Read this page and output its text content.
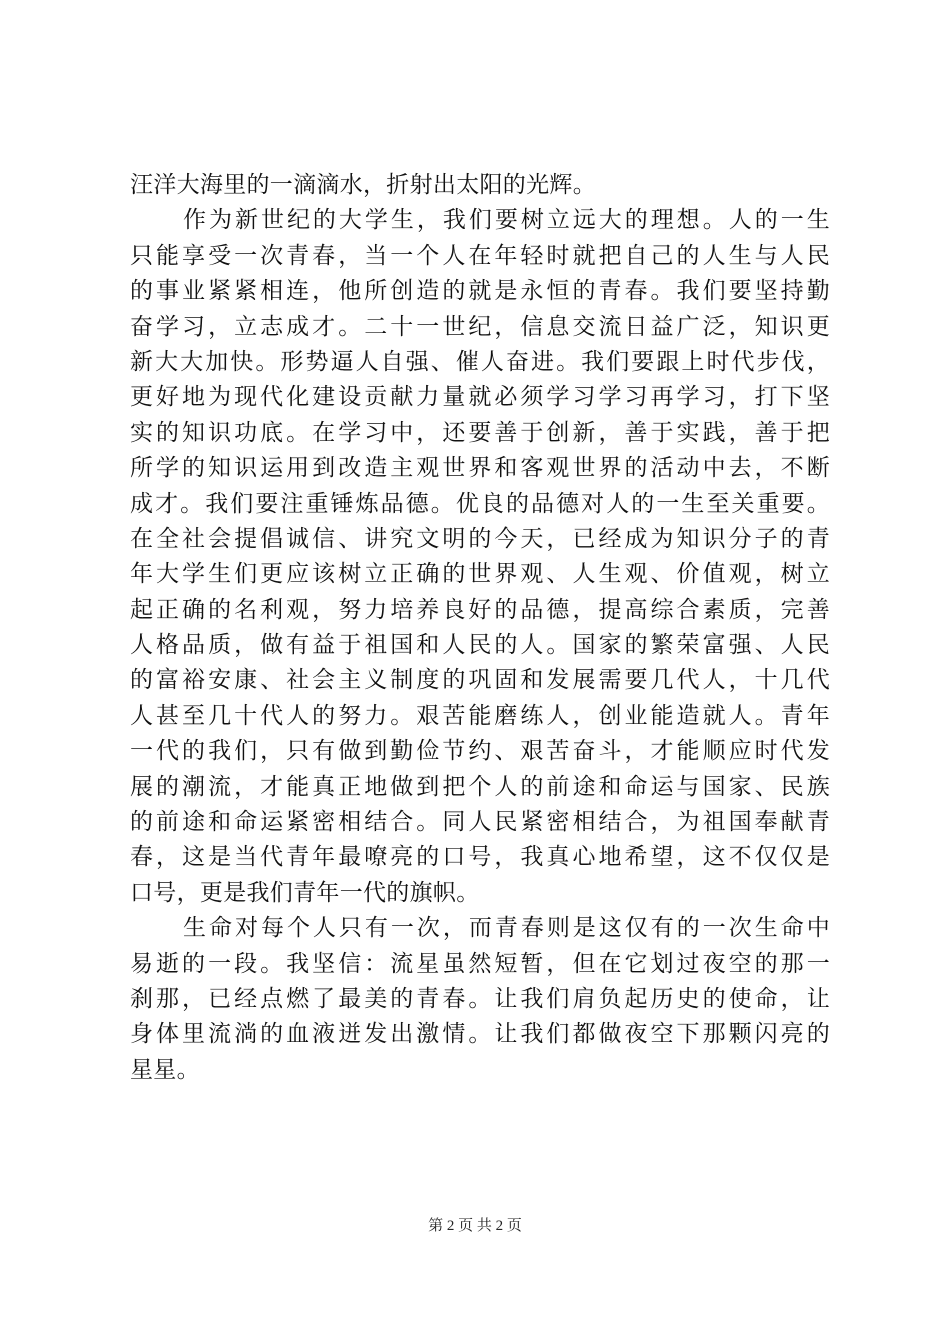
汪洋大海里的一滴滴水，折射出太阳的光辉。
作为新世纪的大学生，我们要树立远大的理想。人的一生
只能享受一次青春，当一个人在年轻时就把自己的人生与人民
的事业紧紧相连，他所创造的就是永恒的青春。我们要坚持勤
奋学习，立志成才。二十一世纪，信息交流日益广泛，知识更
新大大加快。形势逼人自强、催人奋进。我们要跟上时代步伐，
更好地为现代化建设贡献力量就必须学习学习再学习，打下坚
实的知识功底。在学习中，还要善于创新，善于实践，善于把
所学的知识运用到改造主观世界和客观世界的活动中去，不断
成才。我们要注重锤炼品德。优良的品德对人的一生至关重要。
在全社会提倡诚信、讲究文明的今天，已经成为知识分子的青
年大学生们更应该树立正确的世界观、人生观、价值观，树立
起正确的名利观，努力培养良好的品德，提高综合素质，完善
人格品质，做有益于祖国和人民的人。国家的繁荣富强、人民
的富裕安康、社会主义制度的巩固和发展需要几代人，十几代
人甚至几十代人的努力。艰苦能磨练人，创业能造就人。青年
一代的我们，只有做到勤俭节约、艰苦奋斗，才能顺应时代发
展的潮流，才能真正地做到把个人的前途和命运与国家、民族
的前途和命运紧密相结合。同人民紧密相结合，为祖国奉献青
春，这是当代青年最嘹亮的口号，我真心地希望，这不仅仅是
口号，更是我们青年一代的旗帜。
生命对每个人只有一次，而青春则是这仅有的一次生命中
易逝的一段。我坚信：流星虽然短暂，但在它划过夜空的那一
刹那，已经点燃了最美的青春。让我们肩负起历史的使命，让
身体里流淌的血液迸发出激情。让我们都做夜空下那颗闪亮的
星星。
第 2 页 共 2 页
